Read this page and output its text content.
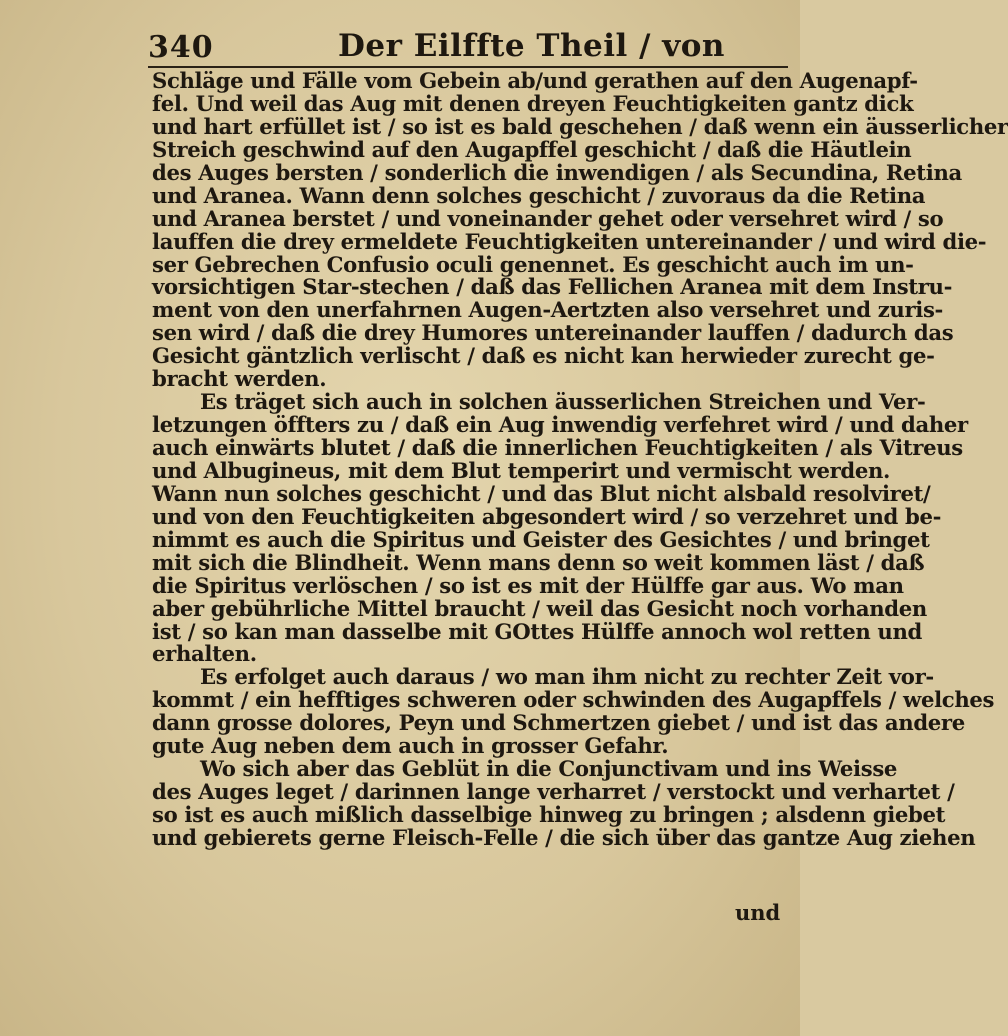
340	Der Eilffte Theil / von
Schläge und Fälle vom Gebein ab/und gerathen auf den Augenapf-
fel. Und weil das Aug mit denen dreyen Feuchtigkeiten gantz dick
und hart erfüllet ist / so ist es bald geschehen / daß wenn ein äusserlicher
Streich geschwind auf den Augapffel geschicht / daß die Häutlein
des Auges bersten / sonderlich die inwendigen / als Secundina, Retina
und Aranea. Wann denn solches geschicht / zuvoraus da die Retina
und Aranea berstet / und voneinander gehet oder versehret wird / so
lauffen die drey ermeldete Feuchtigkeiten untereinander / und wird die-
ser Gebrechen Confusio oculi genennet. Es geschicht auch im un-
vorsichtigen Star-stechen / daß das Fellichen Aranea mit dem Instru-
ment von den unerfahrnen Augen-Aertzten also versehret und zuris-
sen wird / daß die drey Humores untereinander lauffen / dadurch das
Gesicht gäntzlich verlischt / daß es nicht kan herwieder zurecht ge-
bracht werden.
Es träget sich auch in solchen äusserlichen Streichen und Ver-
letzungen öffters zu / daß ein Aug inwendig verfehret wird / und daher
auch einwärts blutet / daß die innerlichen Feuchtigkeiten / als Vitreus
und Albugineus, mit dem Blut temperirt und vermischt werden.
Wann nun solches geschicht / und das Blut nicht alsbald resolviret/
und von den Feuchtigkeiten abgesondert wird / so verzehret und be-
nimmt es auch die Spiritus und Geister des Gesichtes / und bringet
mit sich die Blindheit. Wenn mans denn so weit kommen läst / daß
die Spiritus verlöschen / so ist es mit der Hülffe gar aus. Wo man
aber gebührliche Mittel braucht / weil das Gesicht noch vorhanden
ist / so kan man dasselbe mit GOttes Hülffe annoch wol retten und
erhalten.
Es erfolget auch daraus / wo man ihm nicht zu rechter Zeit vor-
kommt / ein hefftiges schweren oder schwinden des Augapffels / welches
dann grosse dolores, Peyn und Schmertzen giebet / und ist das andere
gute Aug neben dem auch in grosser Gefahr.
Wo sich aber das Geblüt in die Conjunctivam und ins Weisse
des Auges leget / darinnen lange verharret / verstockt und verhartet /
so ist es auch mißlich dasselbige hinweg zu bringen ; alsdenn giebet
und gebierets gerne Fleisch-Felle / die sich über das gantze Aug ziehen
und
